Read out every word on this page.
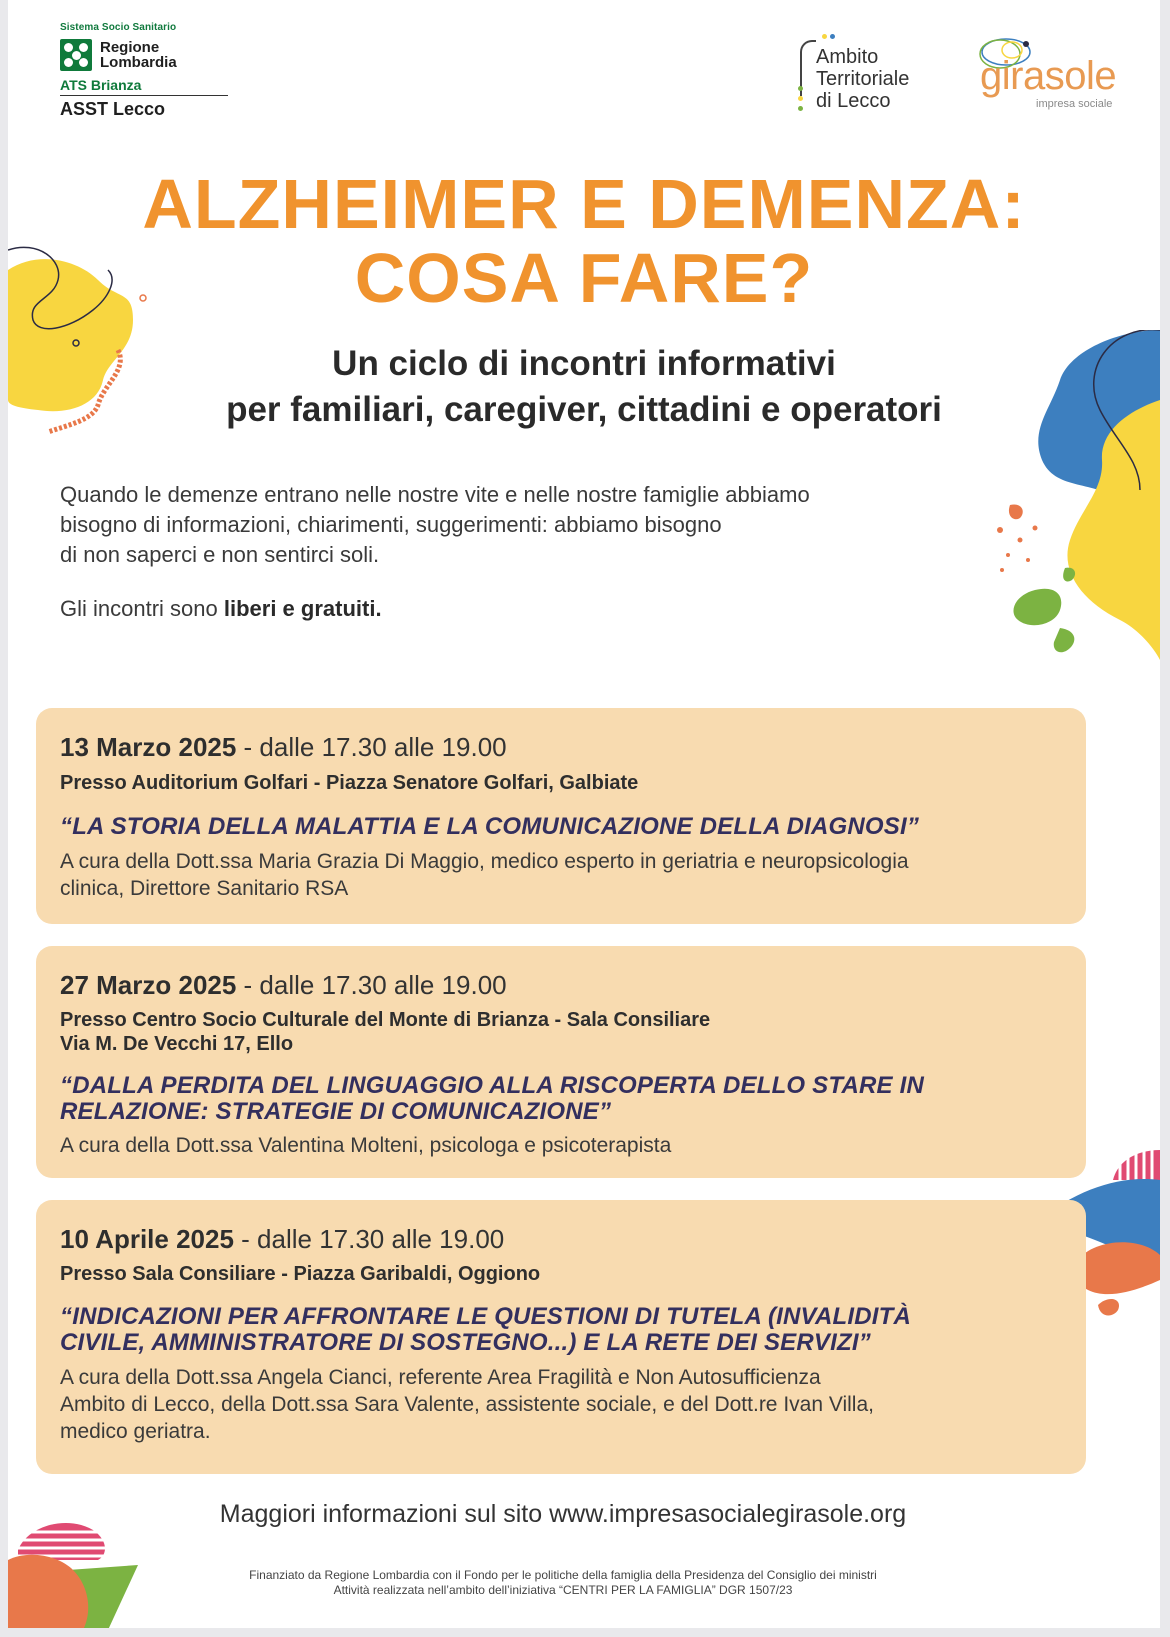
Sistema Socio Sanitario
Regione
Lombardia
ATS Brianza
ASST Lecco
Ambito
Territoriale
di Lecco
girasole
impresa sociale
ALZHEIMER E DEMENZA:
COSA FARE?
Un ciclo di incontri informativi
per familiari, caregiver, cittadini e operatori
Quando le demenze entrano nelle nostre vite e nelle nostre famiglie abbiamo
bisogno di informazioni, chiarimenti, suggerimenti: abbiamo bisogno
di non saperci e non sentirci soli.
Gli incontri sono liberi e gratuiti.
13 Marzo 2025 - dalle 17.30 alle 19.00
Presso Auditorium Golfari - Piazza Senatore Golfari, Galbiate
“LA STORIA DELLA MALATTIA E LA COMUNICAZIONE DELLA DIAGNOSI”
A cura della Dott.ssa Maria Grazia Di Maggio, medico esperto in geriatria e neuropsicologia
clinica, Direttore Sanitario RSA
27 Marzo 2025 - dalle 17.30 alle 19.00
Presso Centro Socio Culturale del Monte di Brianza - Sala Consiliare
Via M. De Vecchi 17, Ello
“DALLA PERDITA DEL LINGUAGGIO ALLA RISCOPERTA DELLO STARE IN
RELAZIONE: STRATEGIE DI COMUNICAZIONE”
A cura della Dott.ssa Valentina Molteni, psicologa e psicoterapista
10 Aprile 2025 - dalle 17.30 alle 19.00
Presso Sala Consiliare - Piazza Garibaldi, Oggiono
“INDICAZIONI PER AFFRONTARE LE QUESTIONI DI TUTELA (INVALIDITÀ
CIVILE, AMMINISTRATORE DI SOSTEGNO...) E LA RETE DEI SERVIZI”
A cura della Dott.ssa Angela Cianci, referente Area Fragilità e Non Autosufficienza
Ambito di Lecco, della Dott.ssa Sara Valente, assistente sociale, e del Dott.re Ivan Villa,
medico geriatra.
Maggiori informazioni sul sito www.impresasocialegirasole.org
Finanziato da Regione Lombardia con il Fondo per le politiche della famiglia della Presidenza del Consiglio dei ministri
Attività realizzata nell’ambito dell’iniziativa “CENTRI PER LA FAMIGLIA” DGR 1507/23
